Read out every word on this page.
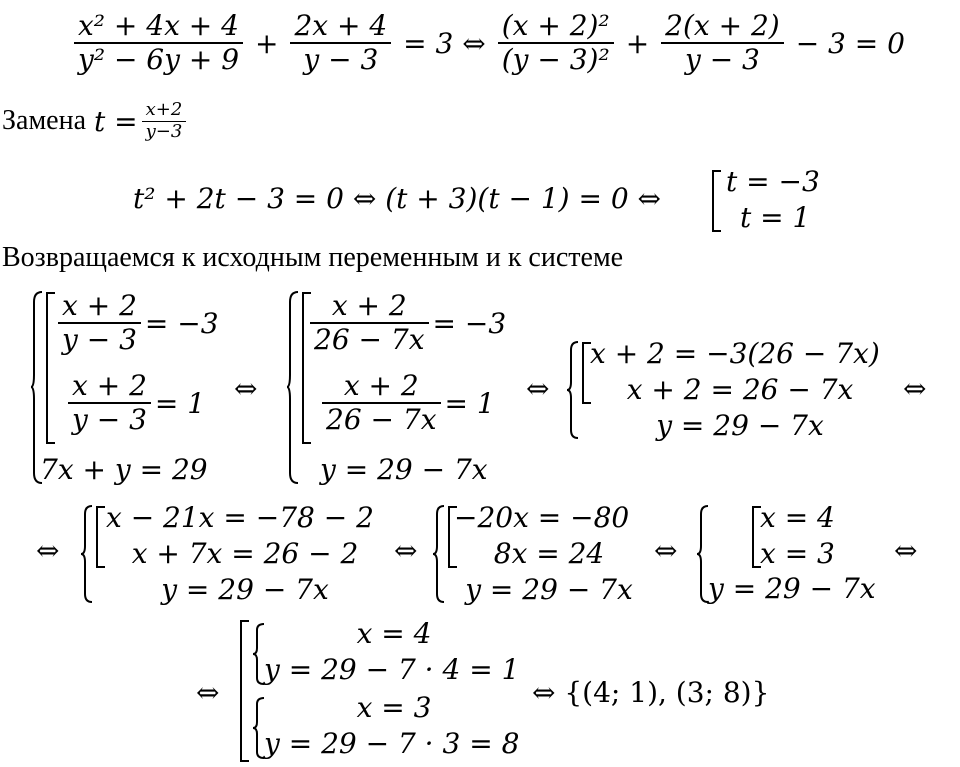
$\frac{\text{x² + 4x + 4}}{\text{y² − 6y + 9}} + \frac{2x + 4}{y - 3} = 3$ ⇔ $\frac{\text{(x + 2)²}}{\text{(y − 3)²}} + \frac{2(x + 2)}{y - 3} - 3 = 0$
Замена $t = \frac{x+2}{y-3}$
t² + 2t − 3 = 0 ⇔ (t + 3)(t − 1) = 0 ⇔
t = −3
t = 1
Возвращаемся к исходным переменным и к системе
$\frac{x + 2}{y - 3} = -3$
$\frac{x + 2}{y - 3} = 1$
7x + y = 29
⇔
$\frac{x + 2}{26 - 7x} = -3$
$\frac{x + 2}{26 - 7x} = 1$
y = 29 − 7x
⇔
x + 2 = −3(26 − 7x)
x + 2 = 26 − 7x
y = 29 − 7x
⇔
⇔
x − 21x = −78 − 2
x + 7x = 26 − 2
y = 29 − 7x
⇔
−20x = −80
8x = 24
y = 29 − 7x
⇔
x = 4
x = 3
y = 29 − 7x
⇔
⇔
x = 4
y = 29 − 7 · 4 = 1
x = 3
y = 29 − 7 · 3 = 8
⇔ {(4; 1), (3; 8)}
